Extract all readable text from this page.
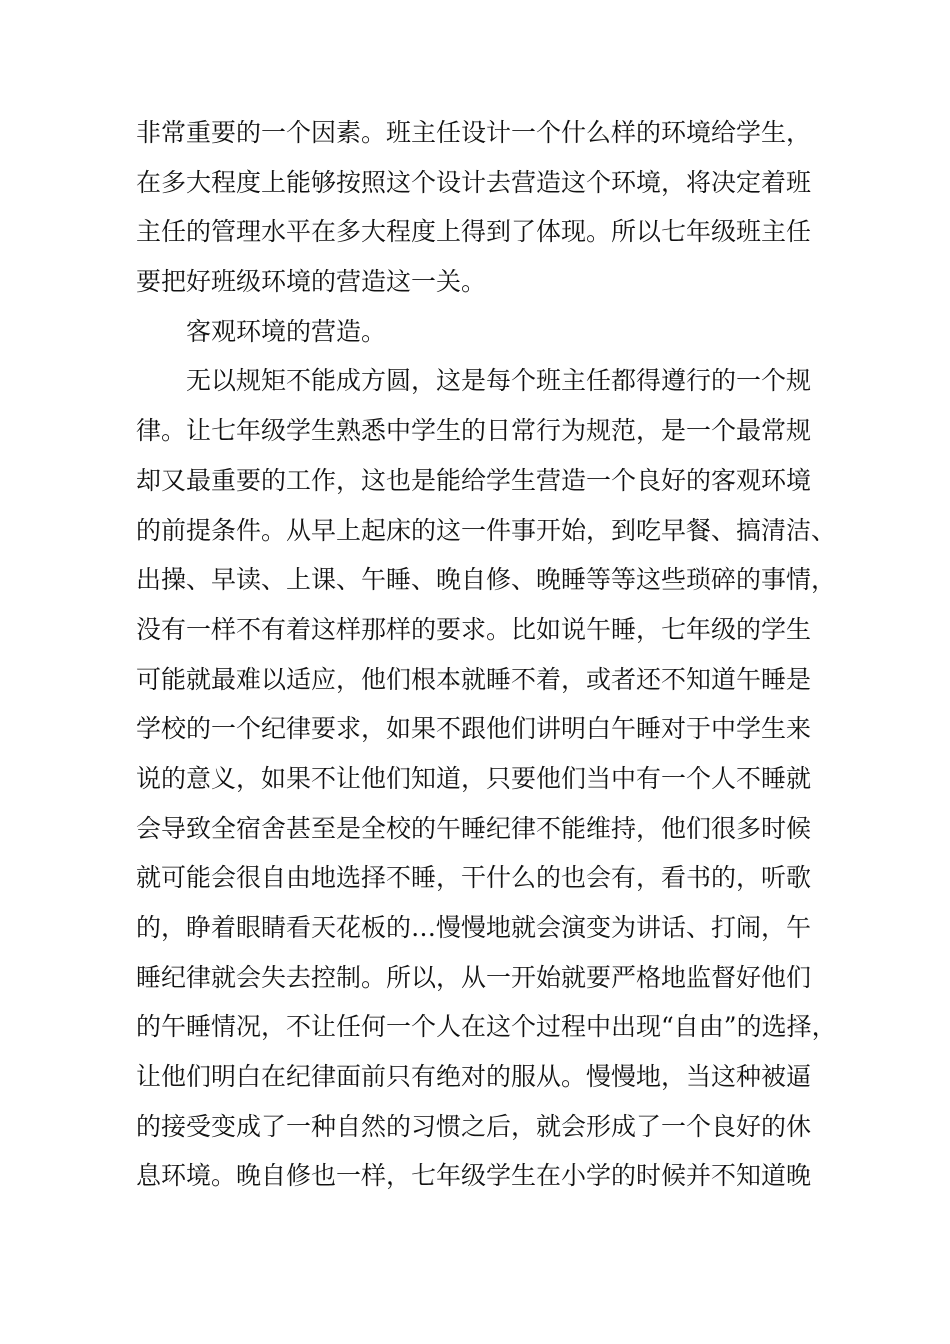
非常重要的一个因素。班主任设计一个什么样的环境给学生，
在多大程度上能够按照这个设计去营造这个环境，将决定着班
主任的管理水平在多大程度上得到了体现。所以七年级班主任
要把好班级环境的营造这一关。
客观环境的营造。
无以规矩不能成方圆，这是每个班主任都得遵行的一个规
律。让七年级学生熟悉中学生的日常行为规范，是一个最常规
却又最重要的工作，这也是能给学生营造一个良好的客观环境
的前提条件。从早上起床的这一件事开始，到吃早餐、搞清洁、
出操、早读、上课、午睡、晚自修、晚睡等等这些琐碎的事情，
没有一样不有着这样那样的要求。比如说午睡，七年级的学生
可能就最难以适应，他们根本就睡不着，或者还不知道午睡是
学校的一个纪律要求，如果不跟他们讲明白午睡对于中学生来
说的意义，如果不让他们知道，只要他们当中有一个人不睡就
会导致全宿舍甚至是全校的午睡纪律不能维持，他们很多时候
就可能会很自由地选择不睡，干什么的也会有，看书的，听歌
的，睁着眼睛看天花板的…慢慢地就会演变为讲话、打闹，午
睡纪律就会失去控制。所以，从一开始就要严格地监督好他们
的午睡情况，不让任何一个人在这个过程中出现“自由”的选择，
让他们明白在纪律面前只有绝对的服从。慢慢地，当这种被逼
的接受变成了一种自然的习惯之后，就会形成了一个良好的休
息环境。晚自修也一样，七年级学生在小学的时候并不知道晚
